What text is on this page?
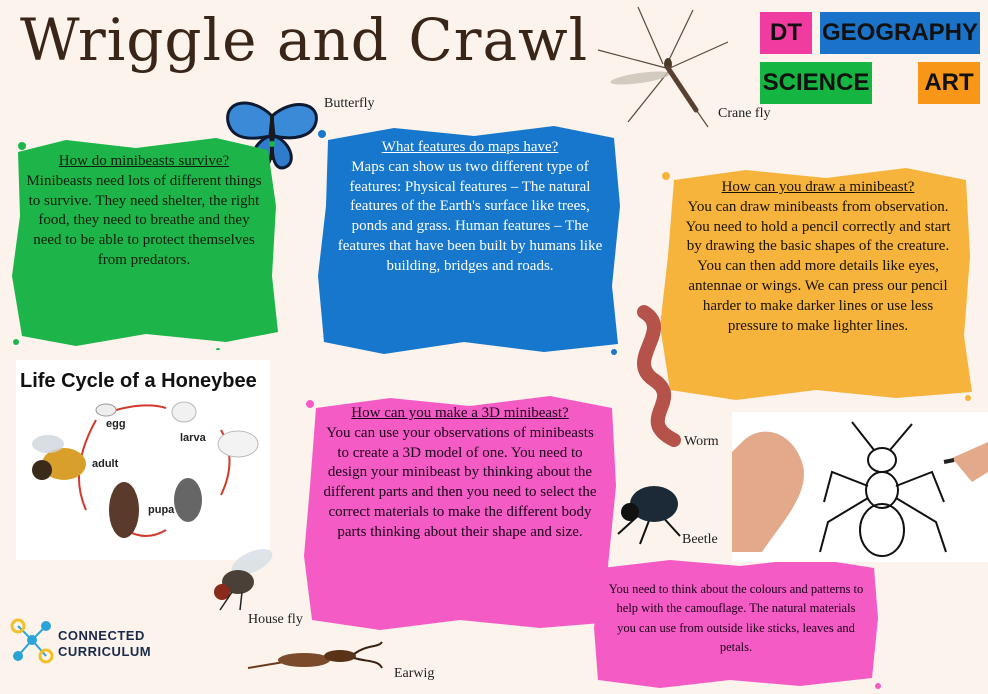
Wriggle and Crawl	DT GEOGRAPHY
SCIENCE ART
Crane fly
Butterfly
How do minibeasts survive?
Minibeasts need lots of different things to survive. They need shelter, the right food, they need to breathe and they need to be able to protect themselves from predators.
What features do maps have?
Maps can show us two different type of features: Physical features – The natural features of the Earth's surface like trees, ponds and grass. Human features – The features that have been built by humans like building, bridges and roads.
How can you draw a minibeast?
You can draw minibeasts from observation. You need to hold a pencil correctly and start by drawing the basic shapes of the creature. You can then add more details like eyes, antennae or wings. We can press our pencil harder to make darker lines or use less pressure to make lighter lines.
How can you make a 3D minibeast?
You can use your observations of minibeasts to create a 3D model of one. You need to design your minibeast by thinking about the different parts and then you need to select the correct materials to make the different body parts thinking about their shape and size.
You need to think about the colours and patterns to help with the camouflage. The natural materials you can use from outside like sticks, leaves and petals.
Life Cycle of a Honeybee
egg
larva
pupa
adult
Worm
Beetle
House fly
Earwig
CONNECTED
CURRICULUM
